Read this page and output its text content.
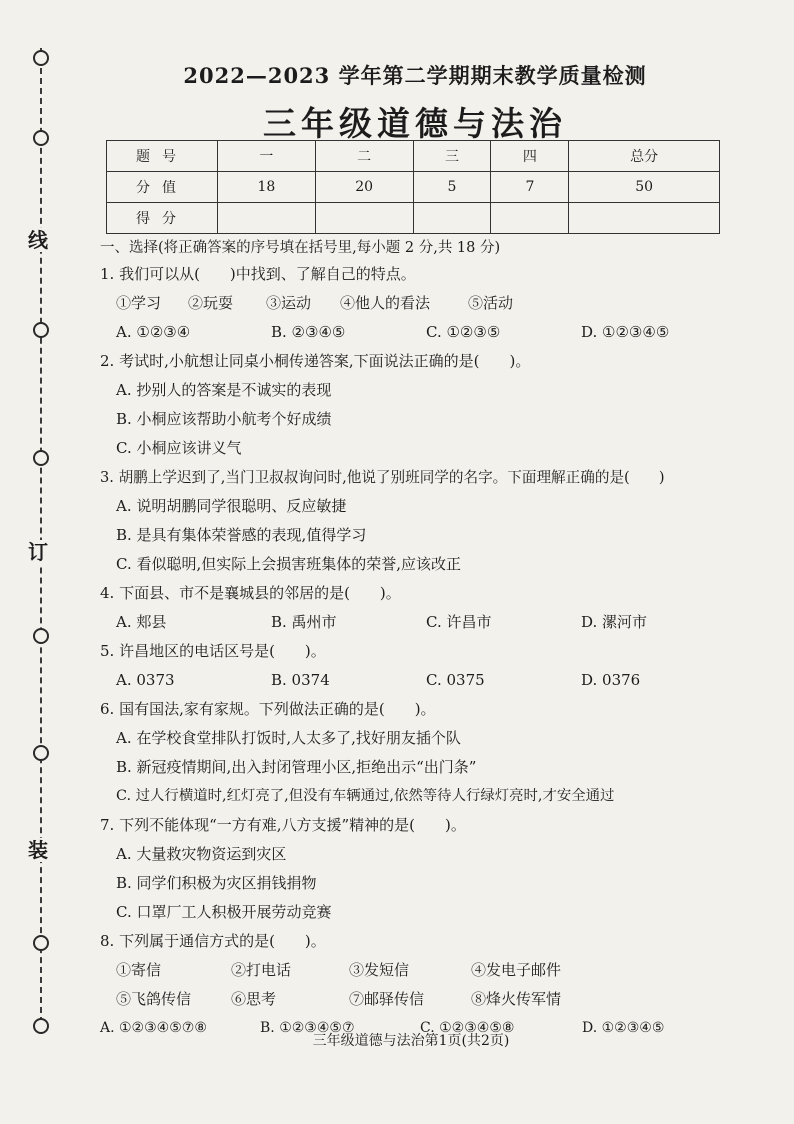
线
订
装
2022—2023 学年第二学期期末教学质量检测
三年级道德与法治
题号	一	二	三	四	总分
分值	18	20	5	7	50
得分					
一、选择(将正确答案的序号填在括号里,每小题 2 分,共 18 分)
1. 我们可以从(　　)中找到、了解自己的特点。
①学习	②玩耍	③运动	④他人的看法	⑤活动
A. ①②③④	B. ②③④⑤	C. ①②③⑤	D. ①②③④⑤
2. 考试时,小航想让同桌小桐传递答案,下面说法正确的是(　　)。
A. 抄别人的答案是不诚实的表现
B. 小桐应该帮助小航考个好成绩
C. 小桐应该讲义气
3. 胡鹏上学迟到了,当门卫叔叔询问时,他说了别班同学的名字。下面理解正确的是(　　)
A. 说明胡鹏同学很聪明、反应敏捷
B. 是具有集体荣誉感的表现,值得学习
C. 看似聪明,但实际上会损害班集体的荣誉,应该改正
4. 下面县、市不是襄城县的邻居的是(　　)。
A. 郏县	B. 禹州市	C. 许昌市	D. 漯河市
5. 许昌地区的电话区号是(　　)。
A. 0373	B. 0374	C. 0375	D. 0376
6. 国有国法,家有家规。下列做法正确的是(　　)。
A. 在学校食堂排队打饭时,人太多了,找好朋友插个队
B. 新冠疫情期间,出入封闭管理小区,拒绝出示“出门条”
C. 过人行横道时,红灯亮了,但没有车辆通过,依然等待人行绿灯亮时,才安全通过
7. 下列不能体现“一方有难,八方支援”精神的是(　　)。
A. 大量救灾物资运到灾区
B. 同学们积极为灾区捐钱捐物
C. 口罩厂工人积极开展劳动竞赛
8. 下列属于通信方式的是(　　)。
①寄信	②打电话	③发短信	④发电子邮件
⑤飞鸽传信	⑥思考	⑦邮驿传信	⑧烽火传军情
A. ①②③④⑤⑦⑧	B. ①②③④⑤⑦	C. ①②③④⑤⑧	D. ①②③④⑤
三年级道德与法治第1页(共2页)
